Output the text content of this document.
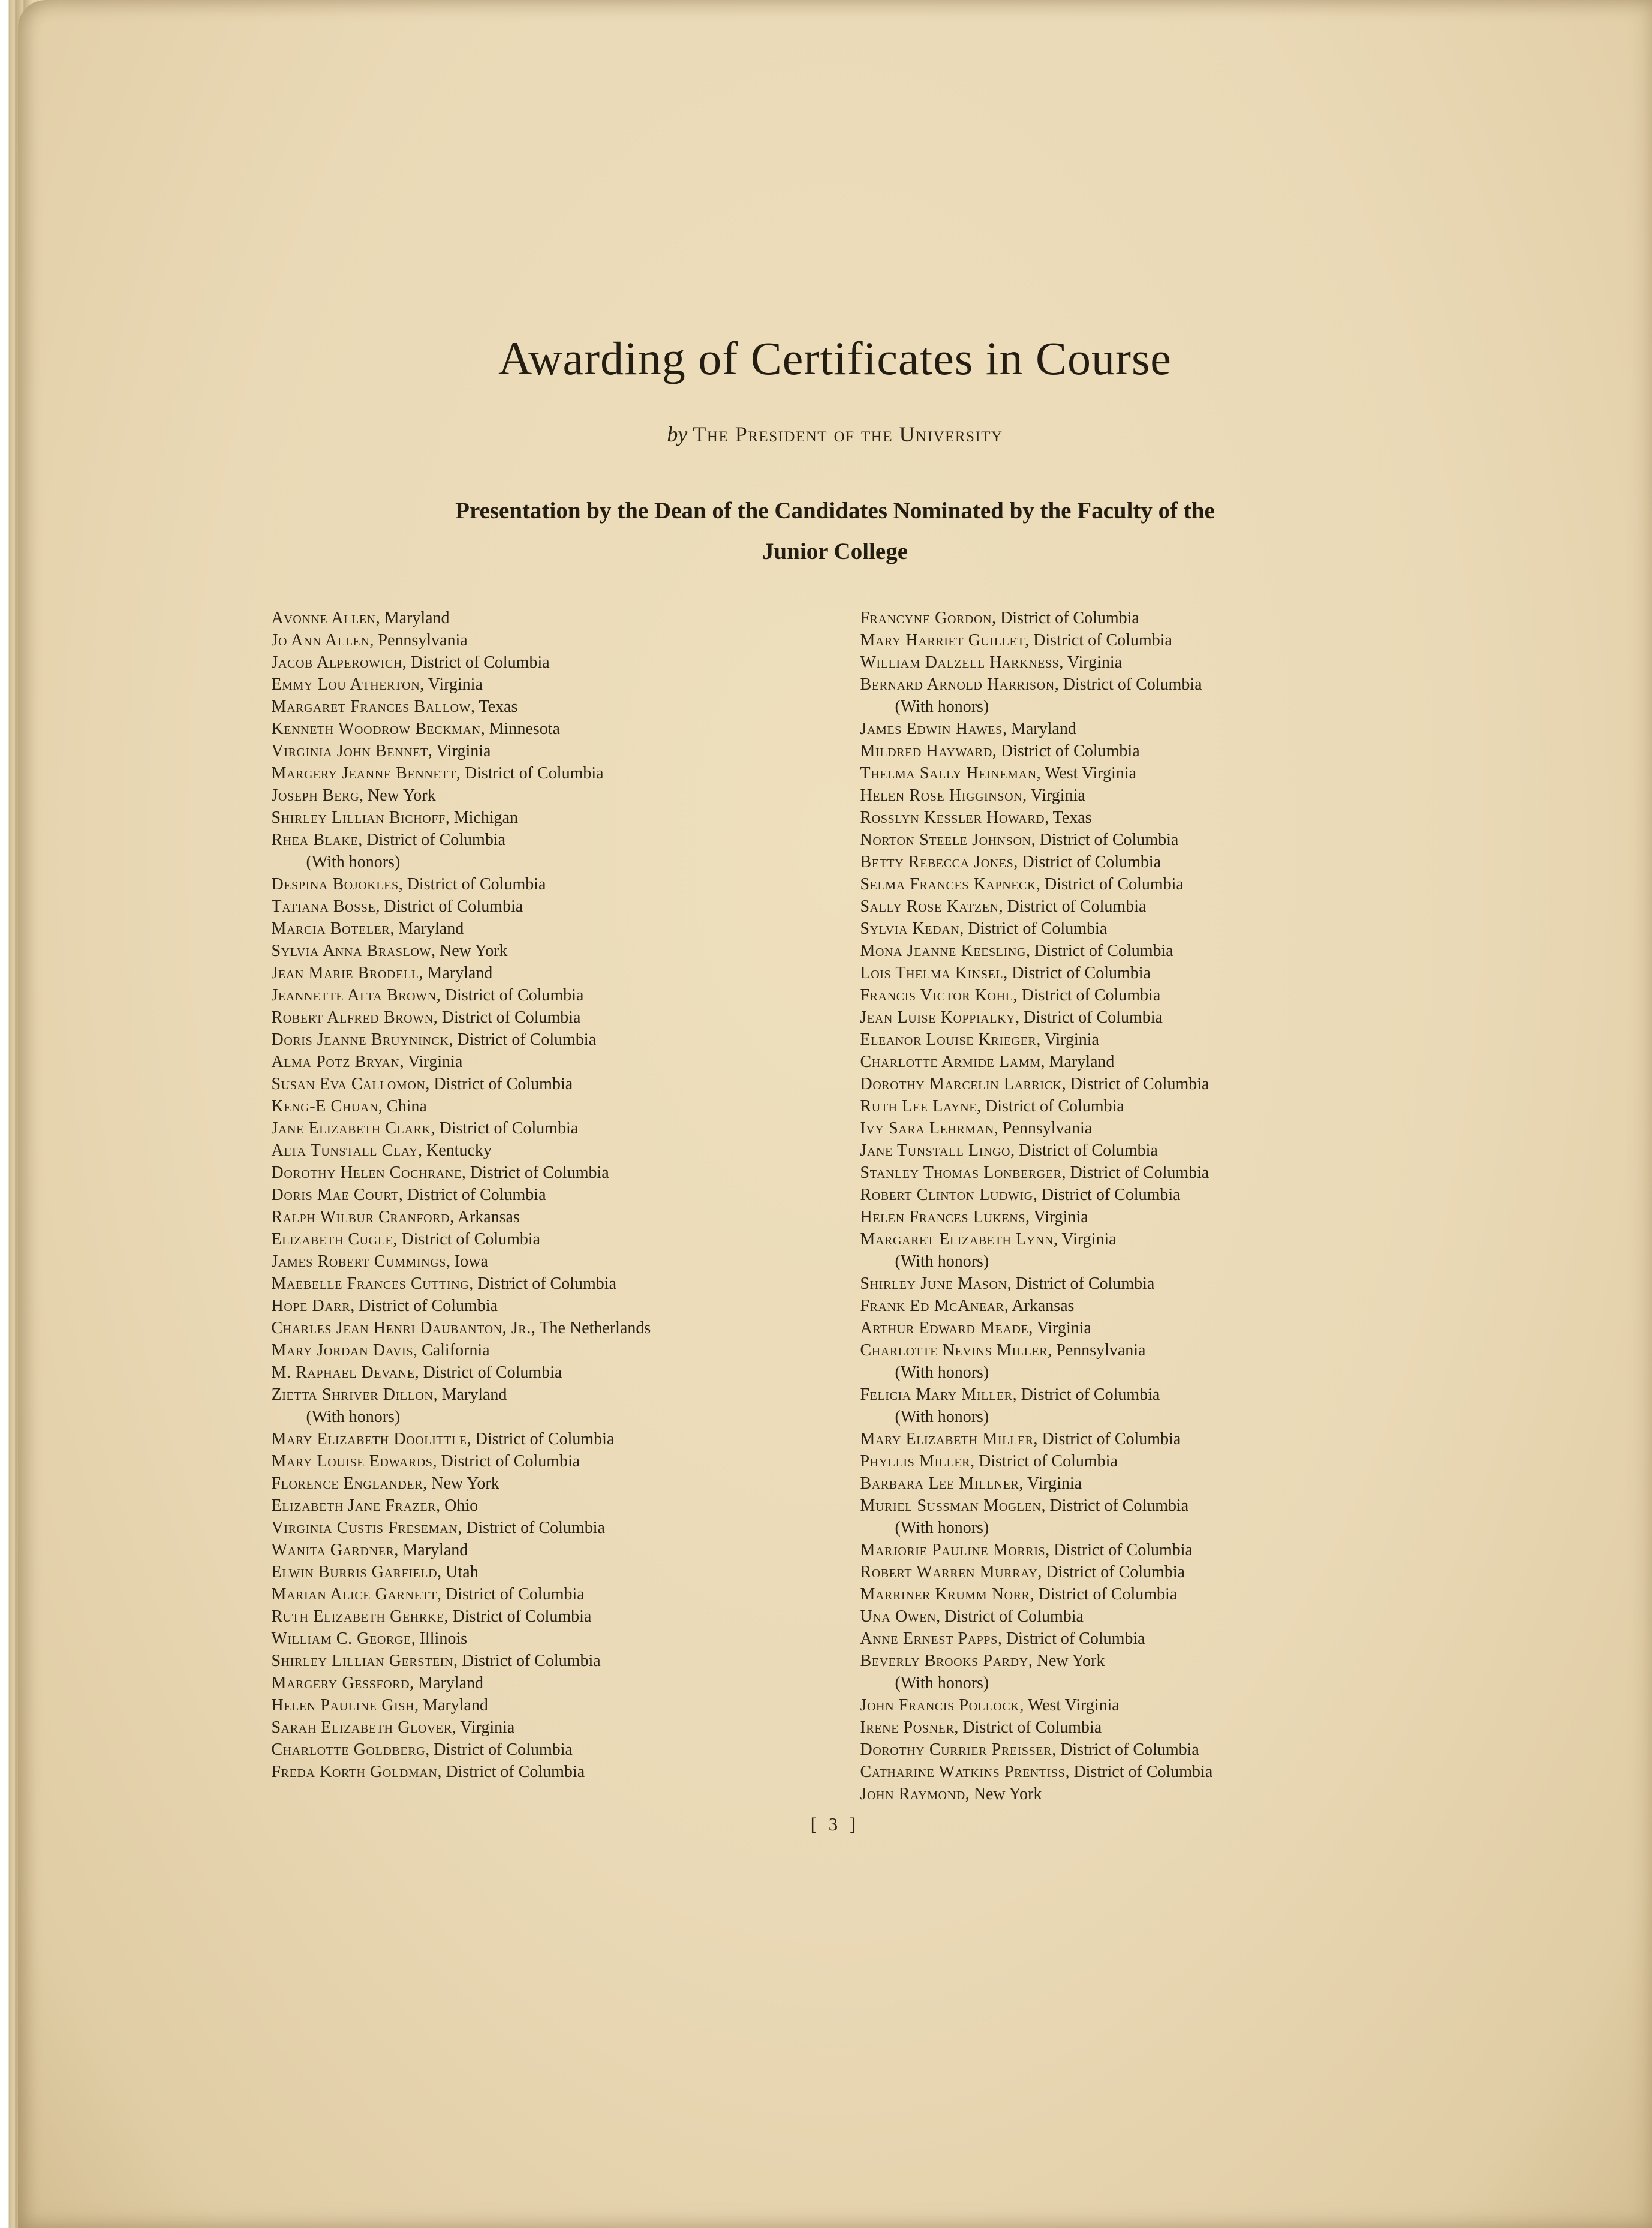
Awarding of Certificates in Course
by The President of the University
Presentation by the Dean of the Candidates Nominated by the Faculty of the
Junior College
Avonne Allen, Maryland
Jo Ann Allen, Pennsylvania
Jacob Alperowich, District of Columbia
Emmy Lou Atherton, Virginia
Margaret Frances Ballow, Texas
Kenneth Woodrow Beckman, Minnesota
Virginia John Bennet, Virginia
Margery Jeanne Bennett, District of Columbia
Joseph Berg, New York
Shirley Lillian Bichoff, Michigan
Rhea Blake, District of Columbia
(With honors)
Despina Bojokles, District of Columbia
Tatiana Bosse, District of Columbia
Marcia Boteler, Maryland
Sylvia Anna Braslow, New York
Jean Marie Brodell, Maryland
Jeannette Alta Brown, District of Columbia
Robert Alfred Brown, District of Columbia
Doris Jeanne Bruyninck, District of Columbia
Alma Potz Bryan, Virginia
Susan Eva Callomon, District of Columbia
Keng-E Chuan, China
Jane Elizabeth Clark, District of Columbia
Alta Tunstall Clay, Kentucky
Dorothy Helen Cochrane, District of Columbia
Doris Mae Court, District of Columbia
Ralph Wilbur Cranford, Arkansas
Elizabeth Cugle, District of Columbia
James Robert Cummings, Iowa
Maebelle Frances Cutting, District of Columbia
Hope Darr, District of Columbia
Charles Jean Henri Daubanton, Jr., The Netherlands
Mary Jordan Davis, California
M. Raphael Devane, District of Columbia
Zietta Shriver Dillon, Maryland
(With honors)
Mary Elizabeth Doolittle, District of Columbia
Mary Louise Edwards, District of Columbia
Florence Englander, New York
Elizabeth Jane Frazer, Ohio
Virginia Custis Freseman, District of Columbia
Wanita Gardner, Maryland
Elwin Burris Garfield, Utah
Marian Alice Garnett, District of Columbia
Ruth Elizabeth Gehrke, District of Columbia
William C. George, Illinois
Shirley Lillian Gerstein, District of Columbia
Margery Gessford, Maryland
Helen Pauline Gish, Maryland
Sarah Elizabeth Glover, Virginia
Charlotte Goldberg, District of Columbia
Freda Korth Goldman, District of Columbia
Francyne Gordon, District of Columbia
Mary Harriet Guillet, District of Columbia
William Dalzell Harkness, Virginia
Bernard Arnold Harrison, District of Columbia
(With honors)
James Edwin Hawes, Maryland
Mildred Hayward, District of Columbia
Thelma Sally Heineman, West Virginia
Helen Rose Higginson, Virginia
Rosslyn Kessler Howard, Texas
Norton Steele Johnson, District of Columbia
Betty Rebecca Jones, District of Columbia
Selma Frances Kapneck, District of Columbia
Sally Rose Katzen, District of Columbia
Sylvia Kedan, District of Columbia
Mona Jeanne Keesling, District of Columbia
Lois Thelma Kinsel, District of Columbia
Francis Victor Kohl, District of Columbia
Jean Luise Koppialky, District of Columbia
Eleanor Louise Krieger, Virginia
Charlotte Armide Lamm, Maryland
Dorothy Marcelin Larrick, District of Columbia
Ruth Lee Layne, District of Columbia
Ivy Sara Lehrman, Pennsylvania
Jane Tunstall Lingo, District of Columbia
Stanley Thomas Lonberger, District of Columbia
Robert Clinton Ludwig, District of Columbia
Helen Frances Lukens, Virginia
Margaret Elizabeth Lynn, Virginia
(With honors)
Shirley June Mason, District of Columbia
Frank Ed McAnear, Arkansas
Arthur Edward Meade, Virginia
Charlotte Nevins Miller, Pennsylvania
(With honors)
Felicia Mary Miller, District of Columbia
(With honors)
Mary Elizabeth Miller, District of Columbia
Phyllis Miller, District of Columbia
Barbara Lee Millner, Virginia
Muriel Sussman Moglen, District of Columbia
(With honors)
Marjorie Pauline Morris, District of Columbia
Robert Warren Murray, District of Columbia
Marriner Krumm Norr, District of Columbia
Una Owen, District of Columbia
Anne Ernest Papps, District of Columbia
Beverly Brooks Pardy, New York
(With honors)
John Francis Pollock, West Virginia
Irene Posner, District of Columbia
Dorothy Currier Preisser, District of Columbia
Catharine Watkins Prentiss, District of Columbia
John Raymond, New York
[ 3 ]
